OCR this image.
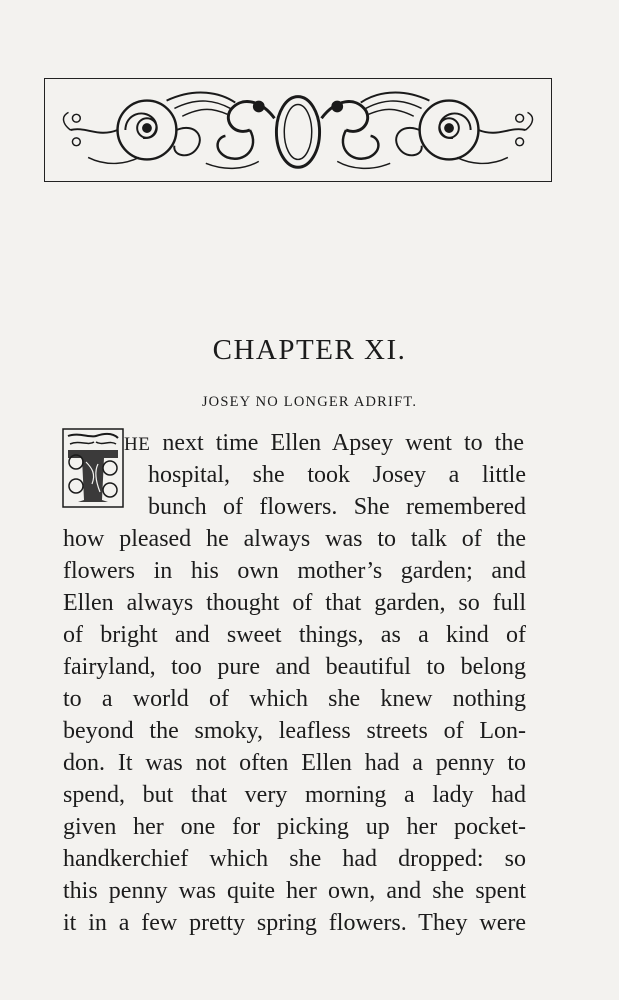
CHAPTER XI.
JOSEY NO LONGER ADRIFT.
HE next time Ellen Apsey went to the
hospital, she took Josey a little
bunch of flowers. She remembered
how pleased he always was to talk of the
flowers in his own mother’s garden; and
Ellen always thought of that garden, so full
of bright and sweet things, as a kind of
fairyland, too pure and beautiful to belong
to a world of which she knew nothing
beyond the smoky, leafless streets of Lon-
don. It was not often Ellen had a penny to
spend, but that very morning a lady had
given her one for picking up her pocket-
handkerchief which she had dropped: so
this penny was quite her own, and she spent
it in a few pretty spring flowers. They were
